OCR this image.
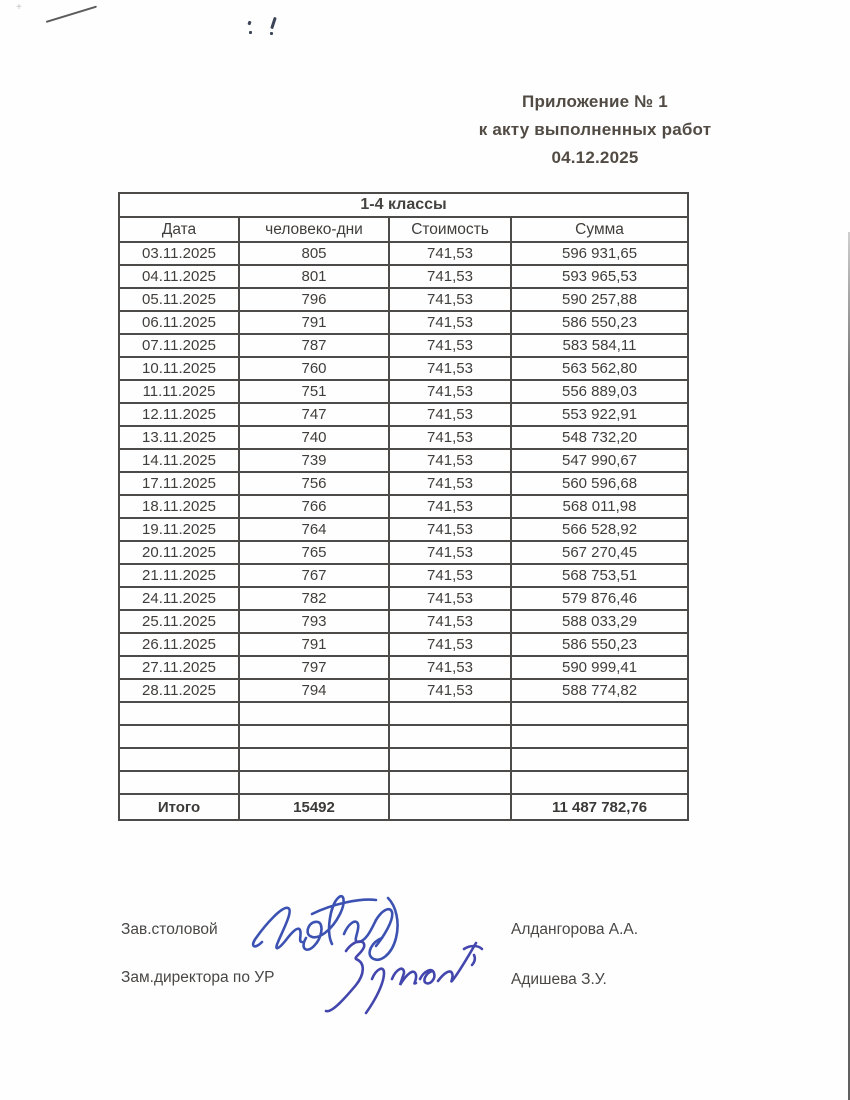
+
Приложение № 1
к акту выполненных работ
04.12.2025
1-4 классы			
Дата	человеко-дни	Стоимость	Сумма
03.11.2025	805	741,53	596 931,65
04.11.2025	801	741,53	593 965,53
05.11.2025	796	741,53	590 257,88
06.11.2025	791	741,53	586 550,23
07.11.2025	787	741,53	583 584,11
10.11.2025	760	741,53	563 562,80
11.11.2025	751	741,53	556 889,03
12.11.2025	747	741,53	553 922,91
13.11.2025	740	741,53	548 732,20
14.11.2025	739	741,53	547 990,67
17.11.2025	756	741,53	560 596,68
18.11.2025	766	741,53	568 011,98
19.11.2025	764	741,53	566 528,92
20.11.2025	765	741,53	567 270,45
21.11.2025	767	741,53	568 753,51
24.11.2025	782	741,53	579 876,46
25.11.2025	793	741,53	588 033,29
26.11.2025	791	741,53	586 550,23
27.11.2025	797	741,53	590 999,41
28.11.2025	794	741,53	588 774,82

Итого	15492		11 487 782,76
Зав.столовой	Алдангорова А.А.
Зам.директора по УР	Адишева З.У.
